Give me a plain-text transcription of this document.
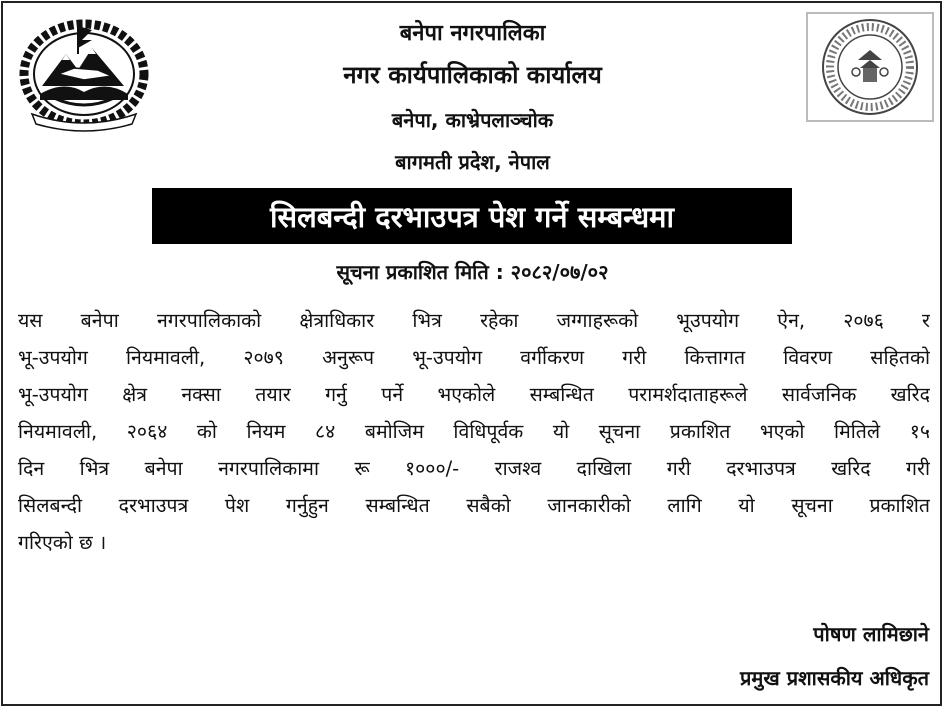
बनेपा नगरपालिका
नगर कार्यपालिकाको कार्यालय
बनेपा, काभ्रेपलाञ्चोक
बागमती प्रदेश, नेपाल
सिलबन्दी दरभाउपत्र पेश गर्ने सम्बन्धमा
सूचना प्रकाशित मिति : २०८२/०७/०२
यस बनेपा नगरपालिकाको क्षेत्राधिकार भित्र रहेका जग्गाहरूको भूउपयोग ऐन, २०७६ र
भू-उपयोग नियमावली, २०७९ अनुरूप भू-उपयोग वर्गीकरण गरी कित्तागत विवरण सहितको
भू-उपयोग क्षेत्र नक्सा तयार गर्नु पर्ने भएकोले सम्बन्धित परामर्शदाताहरूले सार्वजनिक खरिद
नियमावली, २०६४ को नियम ८४ बमोजिम विधिपूर्वक यो सूचना प्रकाशित भएको मितिले १५
दिन भित्र बनेपा नगरपालिकामा रू १०००/- राजश्व दाखिला गरी दरभाउपत्र खरिद गरी
सिलबन्दी दरभाउपत्र पेश गर्नुहुन सम्बन्धित सबैको जानकारीको लागि यो सूचना प्रकाशित
गरिएको छ ।
पोषण लामिछाने
प्रमुख प्रशासकीय अधिकृत
